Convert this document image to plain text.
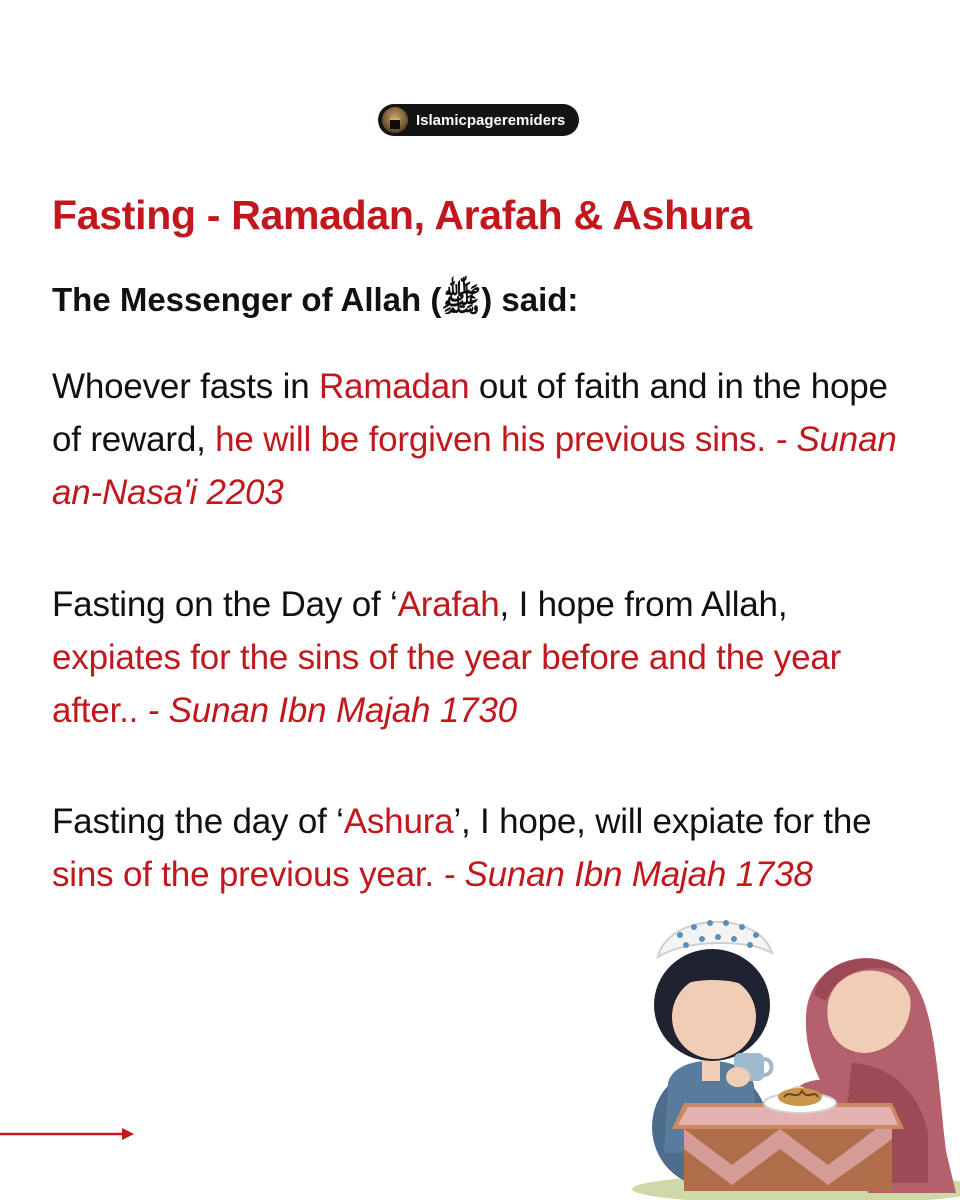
Islamicpageremiders
Fasting - Ramadan, Arafah & Ashura
The Messenger of Allah (ﷺ) said:

Whoever fasts in Ramadan out of faith and in the hope of reward, he will be forgiven his previous sins. - Sunan an-Nasa'i 2203

Fasting on the Day of ‘Arafah, I hope from Allah, expiates for the sins of the year before and the year after.. - Sunan Ibn Majah 1730

Fasting the day of ‘Ashura’, I hope, will expiate for the sins of the previous year. - Sunan Ibn Majah 1738
